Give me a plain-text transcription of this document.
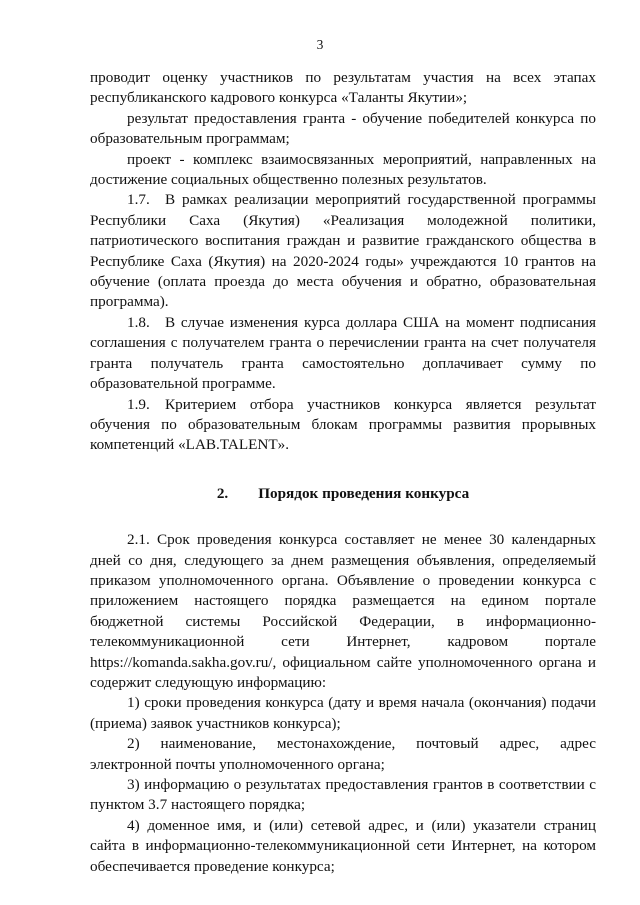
3

проводит оценку участников по результатам участия на всех этапах республиканского кадрового конкурса «Таланты Якутии»;

результат предоставления гранта - обучение победителей конкурса по образовательным программам;

проект - комплекс взаимосвязанных мероприятий, направленных на достижение социальных общественно полезных результатов.

1.7. В рамках реализации мероприятий государственной программы Республики Саха (Якутия) «Реализация молодежной политики, патриотического воспитания граждан и развитие гражданского общества в Республике Саха (Якутия) на 2020-2024 годы» учреждаются 10 грантов на обучение (оплата проезда до места обучения и обратно, образовательная программа).

1.8. В случае изменения курса доллара США на момент подписания соглашения с получателем гранта о перечислении гранта на счет получателя гранта получатель гранта самостоятельно доплачивает сумму по образовательной программе.

1.9. Критерием отбора участников конкурса является результат обучения по образовательным блокам программы развития прорывных компетенций «LAB.TALENT».

2. Порядок проведения конкурса

2.1. Срок проведения конкурса составляет не менее 30 календарных дней со дня, следующего за днем размещения объявления, определяемый приказом уполномоченного органа. Объявление о проведении конкурса с приложением настоящего порядка размещается на едином портале бюджетной системы Российской Федерации, в информационно-телекоммуникационной сети Интернет, кадровом портале https://komanda.sakha.gov.ru/, официальном сайте уполномоченного органа и содержит следующую информацию:

1) сроки проведения конкурса (дату и время начала (окончания) подачи (приема) заявок участников конкурса);

2) наименование, местонахождение, почтовый адрес, адрес электронной почты уполномоченного органа;

3) информацию о результатах предоставления грантов в соответствии с пунктом 3.7 настоящего порядка;

4) доменное имя, и (или) сетевой адрес, и (или) указатели страниц сайта в информационно-телекоммуникационной сети Интернет, на котором обеспечивается проведение конкурса;
